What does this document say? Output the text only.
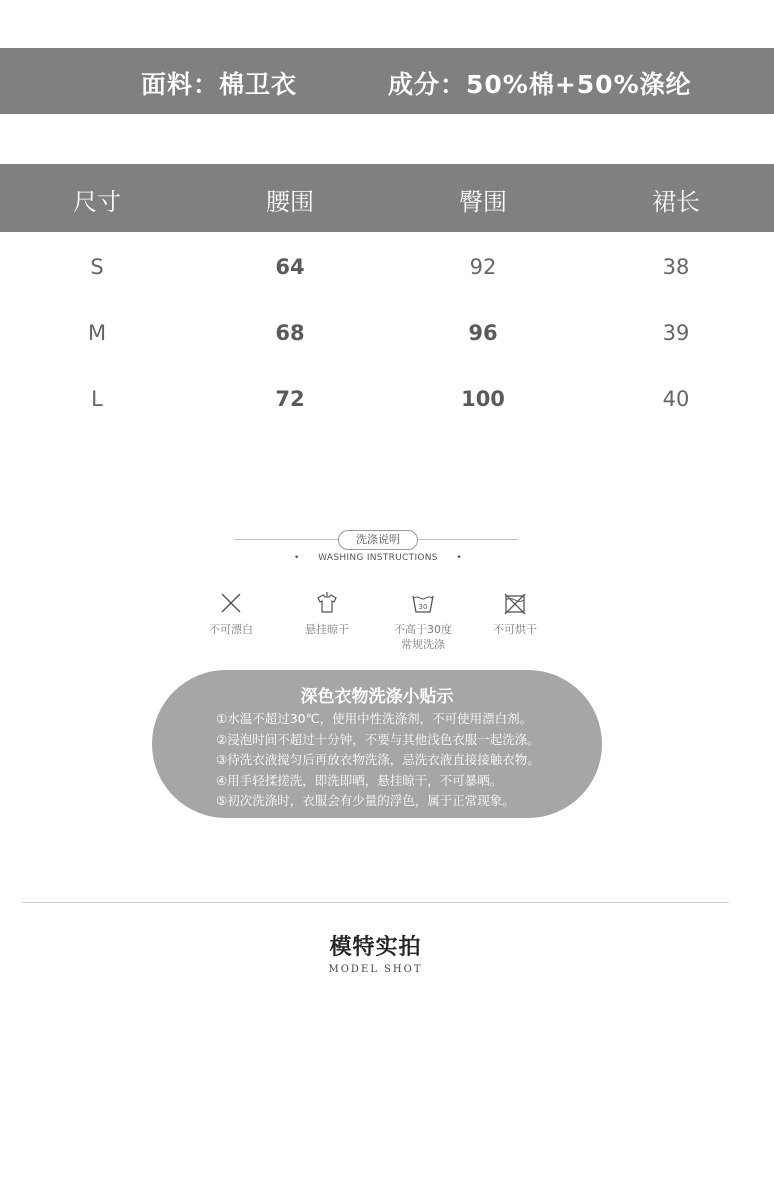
面料：棉卫衣	成分：50%棉+50%涤纶
尺寸	腰围	臀围	裙长
S	64	92	38
M	68	96	39
L	72	100	40
洗涤说明
• WASHING INSTRUCTIONS •
不可漂白	悬挂晾干
30
不高于30度
常规洗涤
不可烘干
深色衣物洗涤小贴示
①水温不超过30℃，使用中性洗涤剂，不可使用漂白剂。
②浸泡时间不超过十分钟，不要与其他浅色衣服一起洗涤。
③待洗衣液搅匀后再放衣物洗涤，忌洗衣液直接接触衣物。
④用手轻揉搓洗，即洗即晒，悬挂晾干，不可暴晒。
⑤初次洗涤时，衣服会有少量的浮色，属于正常现象。
模特实拍
MODEL SHOT
